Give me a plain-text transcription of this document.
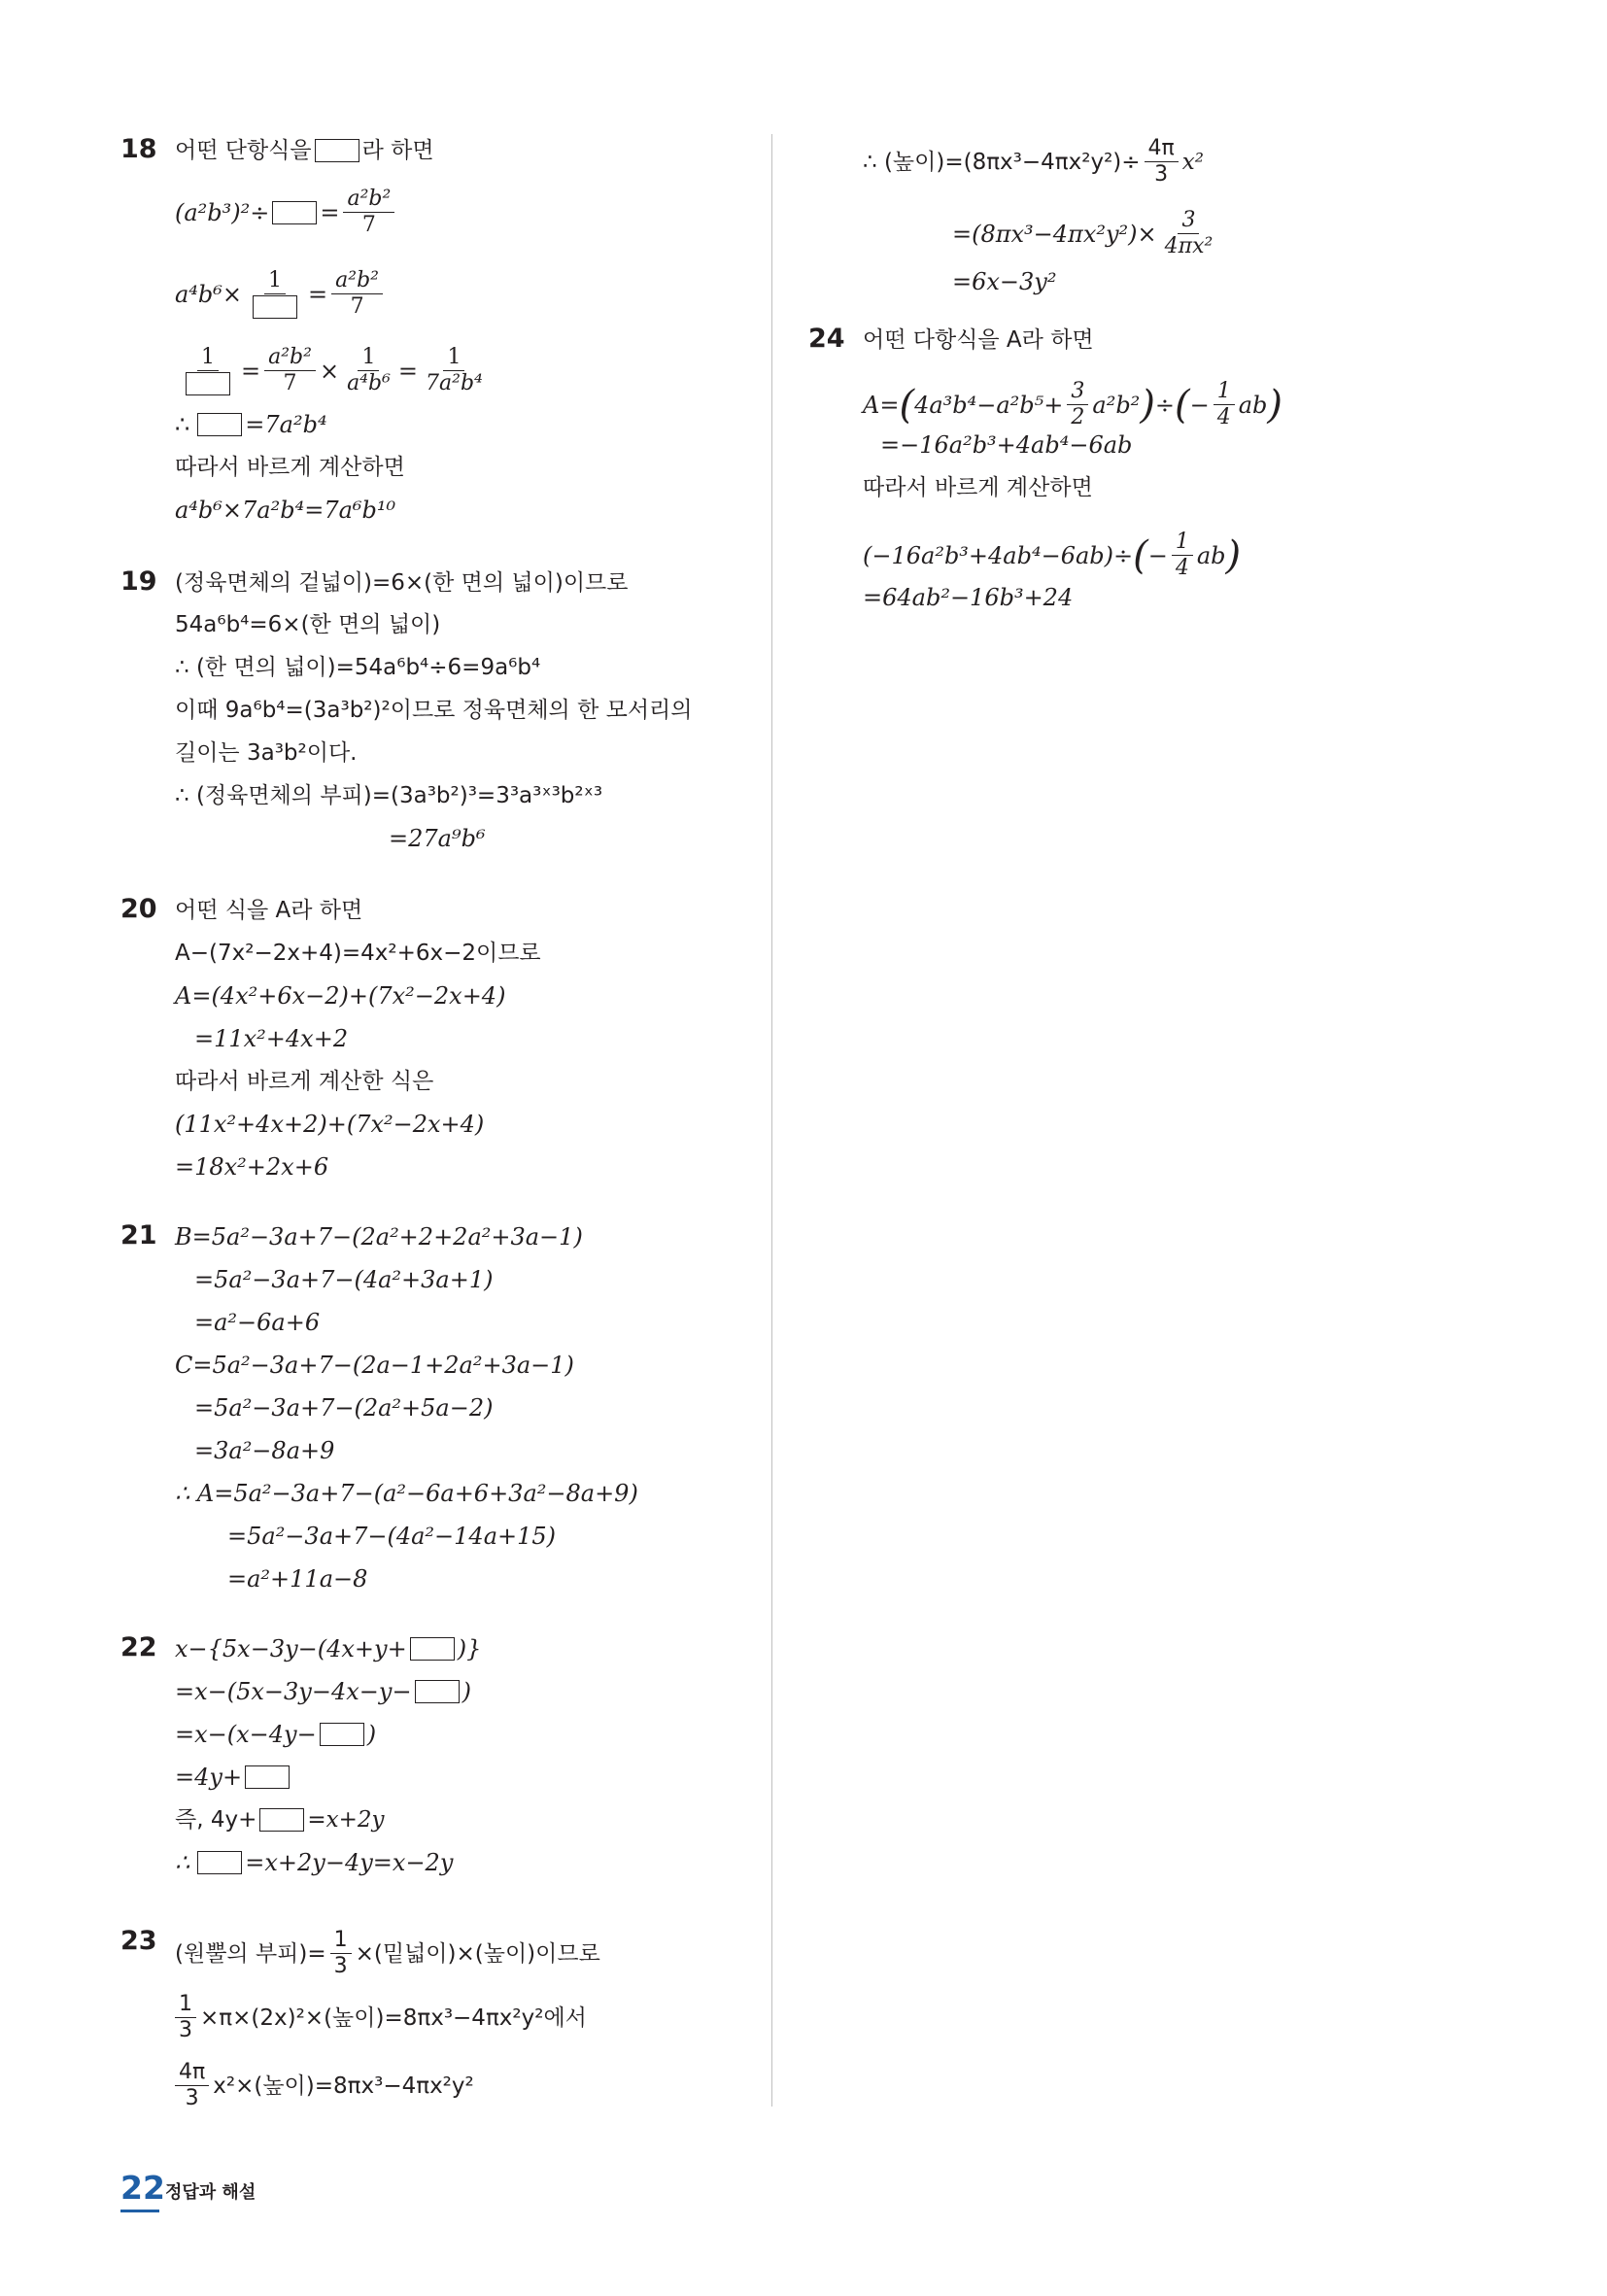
18 어떤 단항식을 라 하면
$(a^2b^3)^2\div = \frac{\text{a²b²}}{7}$
$a^4b^6\times 1 = \frac{\text{a²b²}}{7}$
$1 = \frac{\text{a²b²}}{7} \times \frac{1}{\text{a⁴b⁶}} = \frac{1}{\text{7a²b⁴}}$
∴ =7a²b⁴
따라서 바르게 계산하면
a⁴b⁶×7a²b⁴=7a⁶b¹⁰
19 (정육면체의 겉넓이)=6×(한 면의 넓이)이므로
54a⁶b⁴=6×(한 면의 넓이)
∴ (한 면의 넓이)=54a⁶b⁴÷6=9a⁶b⁴
이때 9a⁶b⁴=(3a³b²)²이므로 정육면체의 한 모서리의
길이는 3a³b²이다.
∴ (정육면체의 부피)=(3a³b²)³=3³a³ˣ³b²ˣ³
=27a⁹b⁶
20 어떤 식을 A라 하면
A−(7x²−2x+4)=4x²+6x−2이므로
A=(4x²+6x−2)+(7x²−2x+4)
=11x²+4x+2
따라서 바르게 계산한 식은
(11x²+4x+2)+(7x²−2x+4)
=18x²+2x+6
21 B=5a²−3a+7−(2a²+2+2a²+3a−1)
=5a²−3a+7−(4a²+3a+1)
=a²−6a+6
C=5a²−3a+7−(2a−1+2a²+3a−1)
=5a²−3a+7−(2a²+5a−2)
=3a²−8a+9
∴ A=5a²−3a+7−(a²−6a+6+3a²−8a+9)
=5a²−3a+7−(4a²−14a+15)
=a²+11a−8
22 x−{5x−3y−(4x+y+ )}
=x−(5x−3y−4x−y− )
=x−(x−4y− )
=4y+
즉, 4y+ =x+2y
∴ =x+2y−4y=x−2y
23 (원뿔의 부피)= $\frac{1}{3}$ ×(밑넓이)×(높이)이므로
$\frac{1}{3} \times\pi\times(2x)^2\times$(높이)=8πx³−4πx²y²에서
$\frac{4\pi}{3} x^2\times$(높이)=8πx³−4πx²y²
∴ (높이)$=(8\pi x^3-4\pi x^2y^2)\div \frac{4\pi}{3} x^2$
$=(8\pi x^3-4\pi x^2y^2)\times \frac{3}{\text{4πx²}}$
=6x−3y²
24 어떤 다항식을 A라 하면
A= ( $4a^3b^4-a^2b^5+ \frac{3}{2} a^2b^2$ ) ÷ ( − $\frac{1}{4}$ ab )
=−16a²b³+4ab⁴−6ab
따라서 바르게 계산하면
(−16a²b³+4ab⁴−6ab)÷ ( − $\frac{1}{4}$ ab )
=64ab²−16b³+24
22 정답과 해설
